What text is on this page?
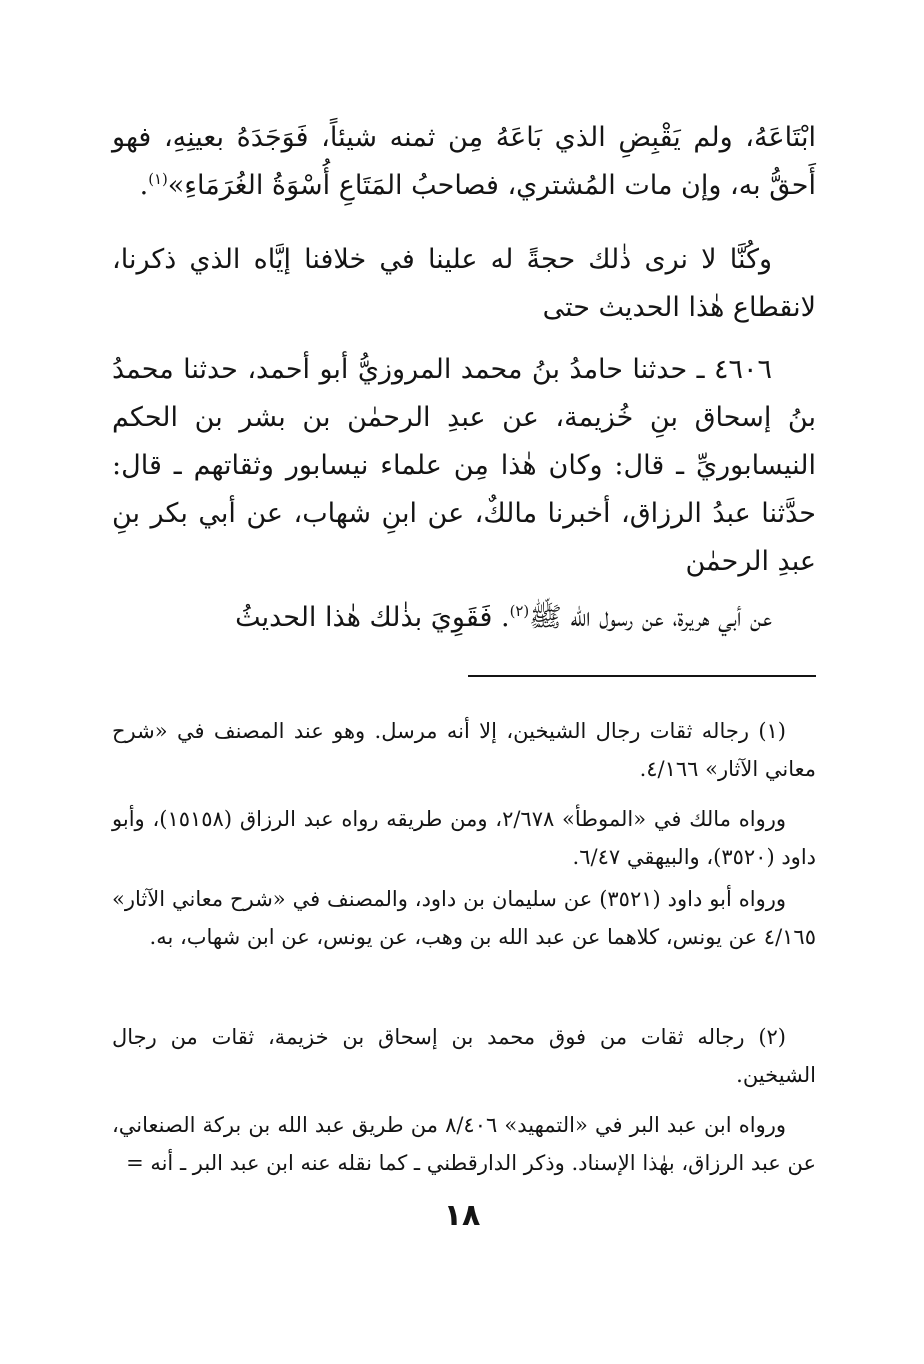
ابْتَاعَهُ، ولم يَقْبِضِ الذي بَاعَهُ مِن ثمنه شيئاً، فَوَجَدَهُ بعينِهِ، فهو أَحقُّ به، وإن مات المُشتري، فصاحبُ المَتَاعِ أُسْوَةُ الغُرَمَاءِ»$^{(١)}$.

وكُنَّا لا نرى ذٰلك حجةً له علينا في خلافنا إيَّاه الذي ذكرنا، لانقطاع هٰذا الحديث حتى

٤٦٠٦ ـ حدثنا حامدُ بنُ محمد المروزيُّ أبو أحمد، حدثنا محمدُ بنُ إسحاق بنِ خُزيمة، عن عبدِ الرحمٰن بن بشر بن الحكم النيسابوريِّ ـ قال: وكان هٰذا مِن علماء نيسابور وثقاتهم ـ قال: حدَّثنا عبدُ الرزاق، أخبرنا مالكٌ، عن ابنِ شهاب، عن أبي بكر بنِ عبدِ الرحمٰن

عن أبي هريرة، عن رسول الله ﷺ$^{(٢)}$. فَقَوِيَ بذٰلك هٰذا الحديثُ

(١) رجاله ثقات رجال الشيخين، إلا أنه مرسل. وهو عند المصنف في «شرح معاني الآثار» ٤/١٦٦.

ورواه مالك في «الموطأ» ٢/٦٧٨، ومن طريقه رواه عبد الرزاق (١٥١٥٨)، وأبو داود (٣٥٢٠)، والبيهقي ٦/٤٧.

ورواه أبو داود (٣٥٢١) عن سليمان بن داود، والمصنف في «شرح معاني الآثار» ٤/١٦٥ عن يونس، كلاهما عن عبد الله بن وهب، عن يونس، عن ابن شهاب، به.

(٢) رجاله ثقات من فوق محمد بن إسحاق بن خزيمة، ثقات من رجال الشيخين.

ورواه ابن عبد البر في «التمهيد» ٨/٤٠٦ من طريق عبد الله بن بركة الصنعاني، عن عبد الرزاق، بهٰذا الإسناد. وذكر الدارقطني ـ كما نقله عنه ابن عبد البر ـ أنه =

١٨
